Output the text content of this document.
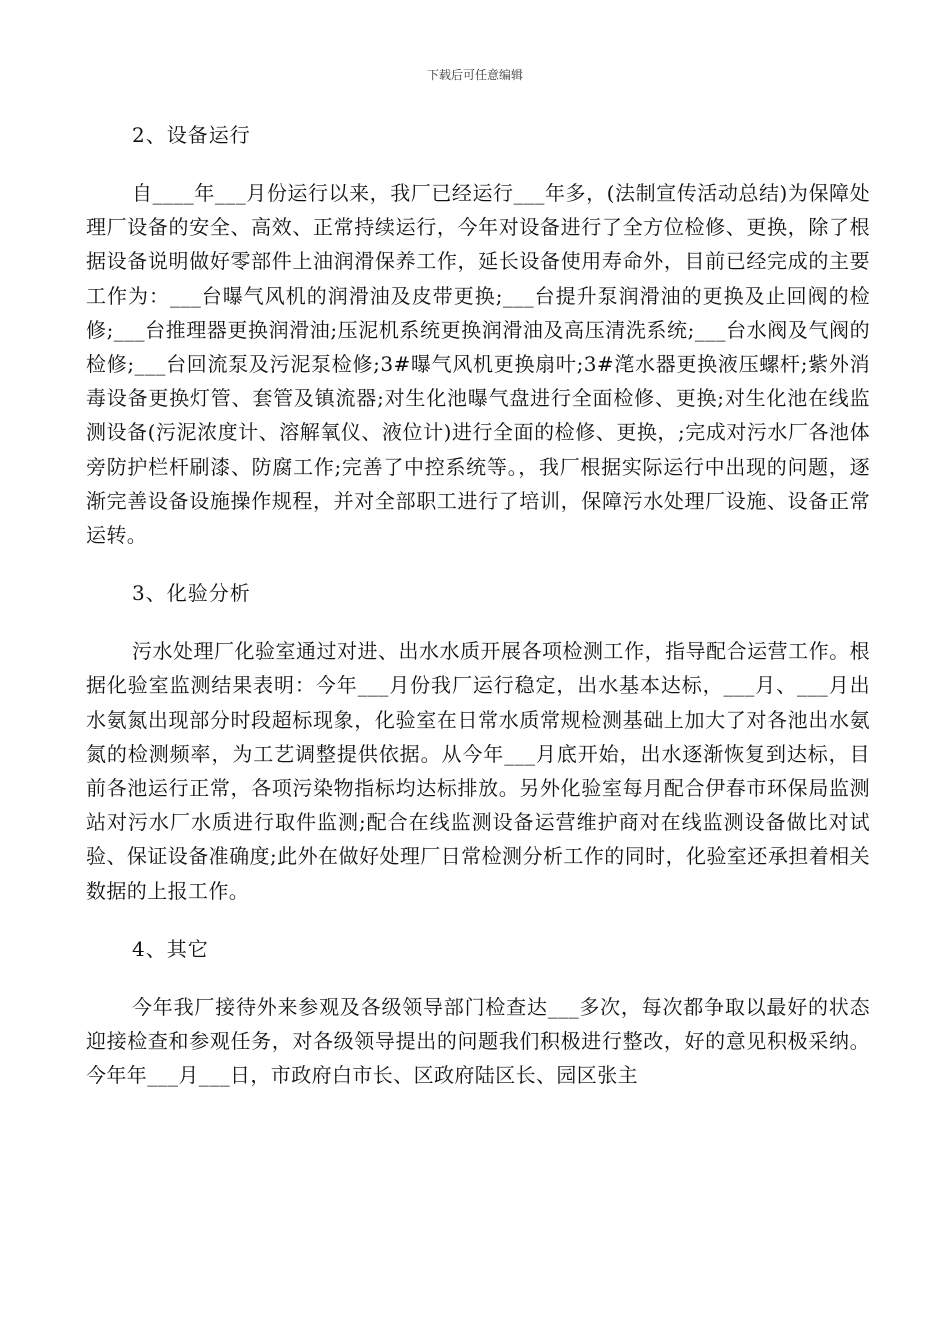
下载后可任意编辑
2、设备运行

自____年___月份运行以来，我厂已经运行___年多，(法制宣传活动总结)为保障处理厂设备的安全、高效、正常持续运行，今年对设备进行了全方位检修、更换，除了根据设备说明做好零部件上油润滑保养工作，延长设备使用寿命外，目前已经完成的主要工作为：___台曝气风机的润滑油及皮带更换;___台提升泵润滑油的更换及止回阀的检修;___台推理器更换润滑油;压泥机系统更换润滑油及高压清洗系统;___台水阀及气阀的检修;___台回流泵及污泥泵检修;3#曝气风机更换扇叶;3#滗水器更换液压螺杆;紫外消毒设备更换灯管、套管及镇流器;对生化池曝气盘进行全面检修、更换;对生化池在线监测设备(污泥浓度计、溶解氧仪、液位计)进行全面的检修、更换，;完成对污水厂各池体旁防护栏杆刷漆、防腐工作;完善了中控系统等。，我厂根据实际运行中出现的问题，逐渐完善设备设施操作规程，并对全部职工进行了培训，保障污水处理厂设施、设备正常运转。

3、化验分析

污水处理厂化验室通过对进、出水水质开展各项检测工作，指导配合运营工作。根据化验室监测结果表明：今年___月份我厂运行稳定，出水基本达标，___月、___月出水氨氮出现部分时段超标现象，化验室在日常水质常规检测基础上加大了对各池出水氨氮的检测频率，为工艺调整提供依据。从今年___月底开始，出水逐渐恢复到达标，目前各池运行正常，各项污染物指标均达标排放。另外化验室每月配合伊春市环保局监测站对污水厂水质进行取件监测;配合在线监测设备运营维护商对在线监测设备做比对试验、保证设备准确度;此外在做好处理厂日常检测分析工作的同时，化验室还承担着相关数据的上报工作。

4、其它

今年我厂接待外来参观及各级领导部门检查达___多次，每次都争取以最好的状态迎接检查和参观任务，对各级领导提出的问题我们积极进行整改，好的意见积极采纳。今年年___月___日，市政府白市长、区政府陆区长、园区张主
